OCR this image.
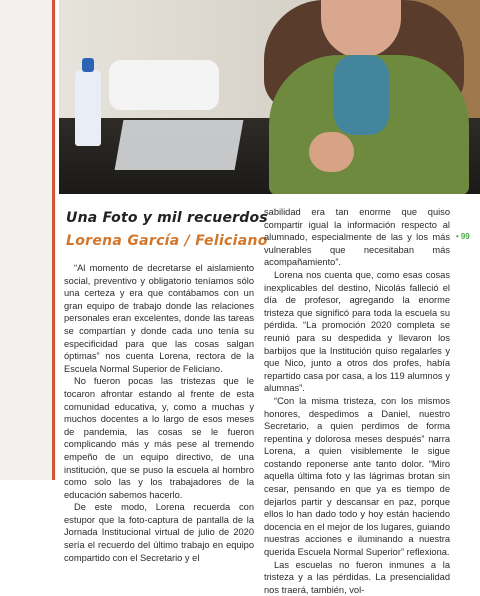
Una Foto y mil recuerdos
Lorena García / Feliciano
•	99

“Al momento de decretarse el aislamiento social, preventivo y obligatorio teníamos sólo una certeza y era que contábamos con un gran equipo de trabajo donde las relaciones personales eran excelentes, donde las tareas se compartían y donde cada uno tenía su especificidad para que las cosas salgan óptimas” nos cuenta Lorena, rectora de la Escuela Normal Superior de Feliciano.

No fueron pocas las tristezas que le tocaron afrontar estando al frente de esta comunidad educativa, y, como a muchas y muchos docentes a lo largo de esos meses de pandemia, las cosas se le fueron complicando más y más pese al tremendo empeño de un equipo directivo, de una institución, que se puso la escuela al hombro como solo las y los trabajadores de la educación sabemos hacerlo.

De este modo, Lorena recuerda con estupor que la foto-captura de pantalla de la Jornada Institucional virtual de julio de 2020 sería el recuerdo del último trabajo en equipo compartido con el Secretario y el

sabilidad era tan enorme que quiso compartir igual la información respecto al alumnado, especialmente de las y los más vulnerables que necesitaban más acompañamiento”.

Lorena nos cuenta que, como esas cosas inexplicables del destino, Nicolás falleció el día de profesor, agregando la enorme tristeza que significó para toda la escuela su pérdida. “La promoción 2020 completa se reunió para su despedida y llevaron los barbijos que la Institución quiso regalarles y que Nico, junto a otros dos profes, había repartido casa por casa, a los 119 alumnos y alumnas”.

“Con la misma tristeza, con los mismos honores, despedimos a Daniel, nuestro Secretario, a quien perdimos de forma repentina y dolorosa meses después” narra Lorena, a quien visiblemente le sigue costando reponerse ante tanto dolor. “Miro aquella última foto y las lágrimas brotan sin cesar, pensando en que ya es tiempo de dejarlos partir y descansar en paz, porque ellos lo han dado todo y hoy están haciendo docencia en el mejor de los lugares, guiando nuestras acciones e iluminando a nuestra querida Escuela Normal Superior” reflexiona.

Las escuelas no fueron inmunes a la tristeza y a las pérdidas. La presencialidad nos traerá, también, vol-
